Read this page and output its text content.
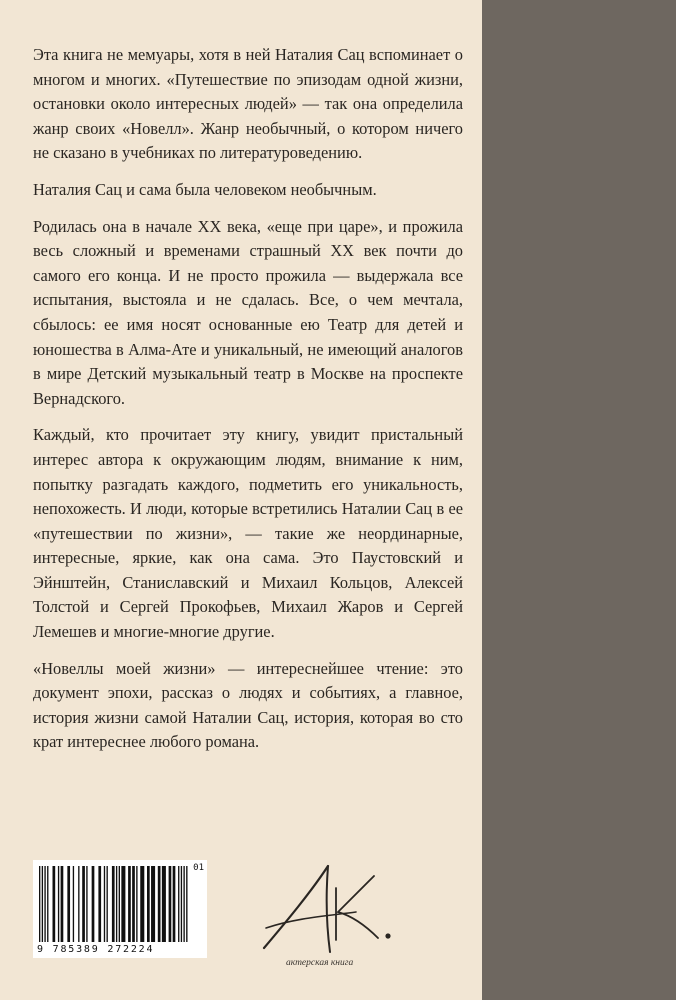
Эта книга не мемуары, хотя в ней Наталия Сац вспоминает о многом и многих. «Путешествие по эпизодам одной жизни, остановки около интересных людей» — так она определила жанр своих «Новелл». Жанр необычный, о котором ничего не сказано в учебниках по литературоведению.

Наталия Сац и сама была человеком необычным.

Родилась она в начале XX века, «еще при царе», и прожила весь сложный и временами страшный XX век почти до самого его конца. И не просто прожила — выдержала все испытания, выстояла и не сдалась. Все, о чем мечтала, сбылось: ее имя носят основанные ею Театр для детей и юношества в Алма-Ате и уникальный, не имеющий аналогов в мире Детский музыкальный театр в Москве на проспекте Вернадского.

Каждый, кто прочитает эту книгу, увидит пристальный интерес автора к окружающим людям, внимание к ним, попытку разгадать каждого, подметить его уникальность, непохожесть. И люди, которые встретились Наталии Сац в ее «путешествии по жизни», — такие же неординарные, интересные, яркие, как она сама. Это Паустовский и Эйнштейн, Станиславский и Михаил Кольцов, Алексей Толстой и Сергей Прокофьев, Михаил Жаров и Сергей Лемешев и многие-многие другие.

«Новеллы моей жизни» — интереснейшее чтение: это документ эпохи, рассказ о людях и событиях, а главное, история жизни самой Наталии Сац, история, которая во сто крат интереснее любого романа.

01
9 785389 272224
актерская книга
